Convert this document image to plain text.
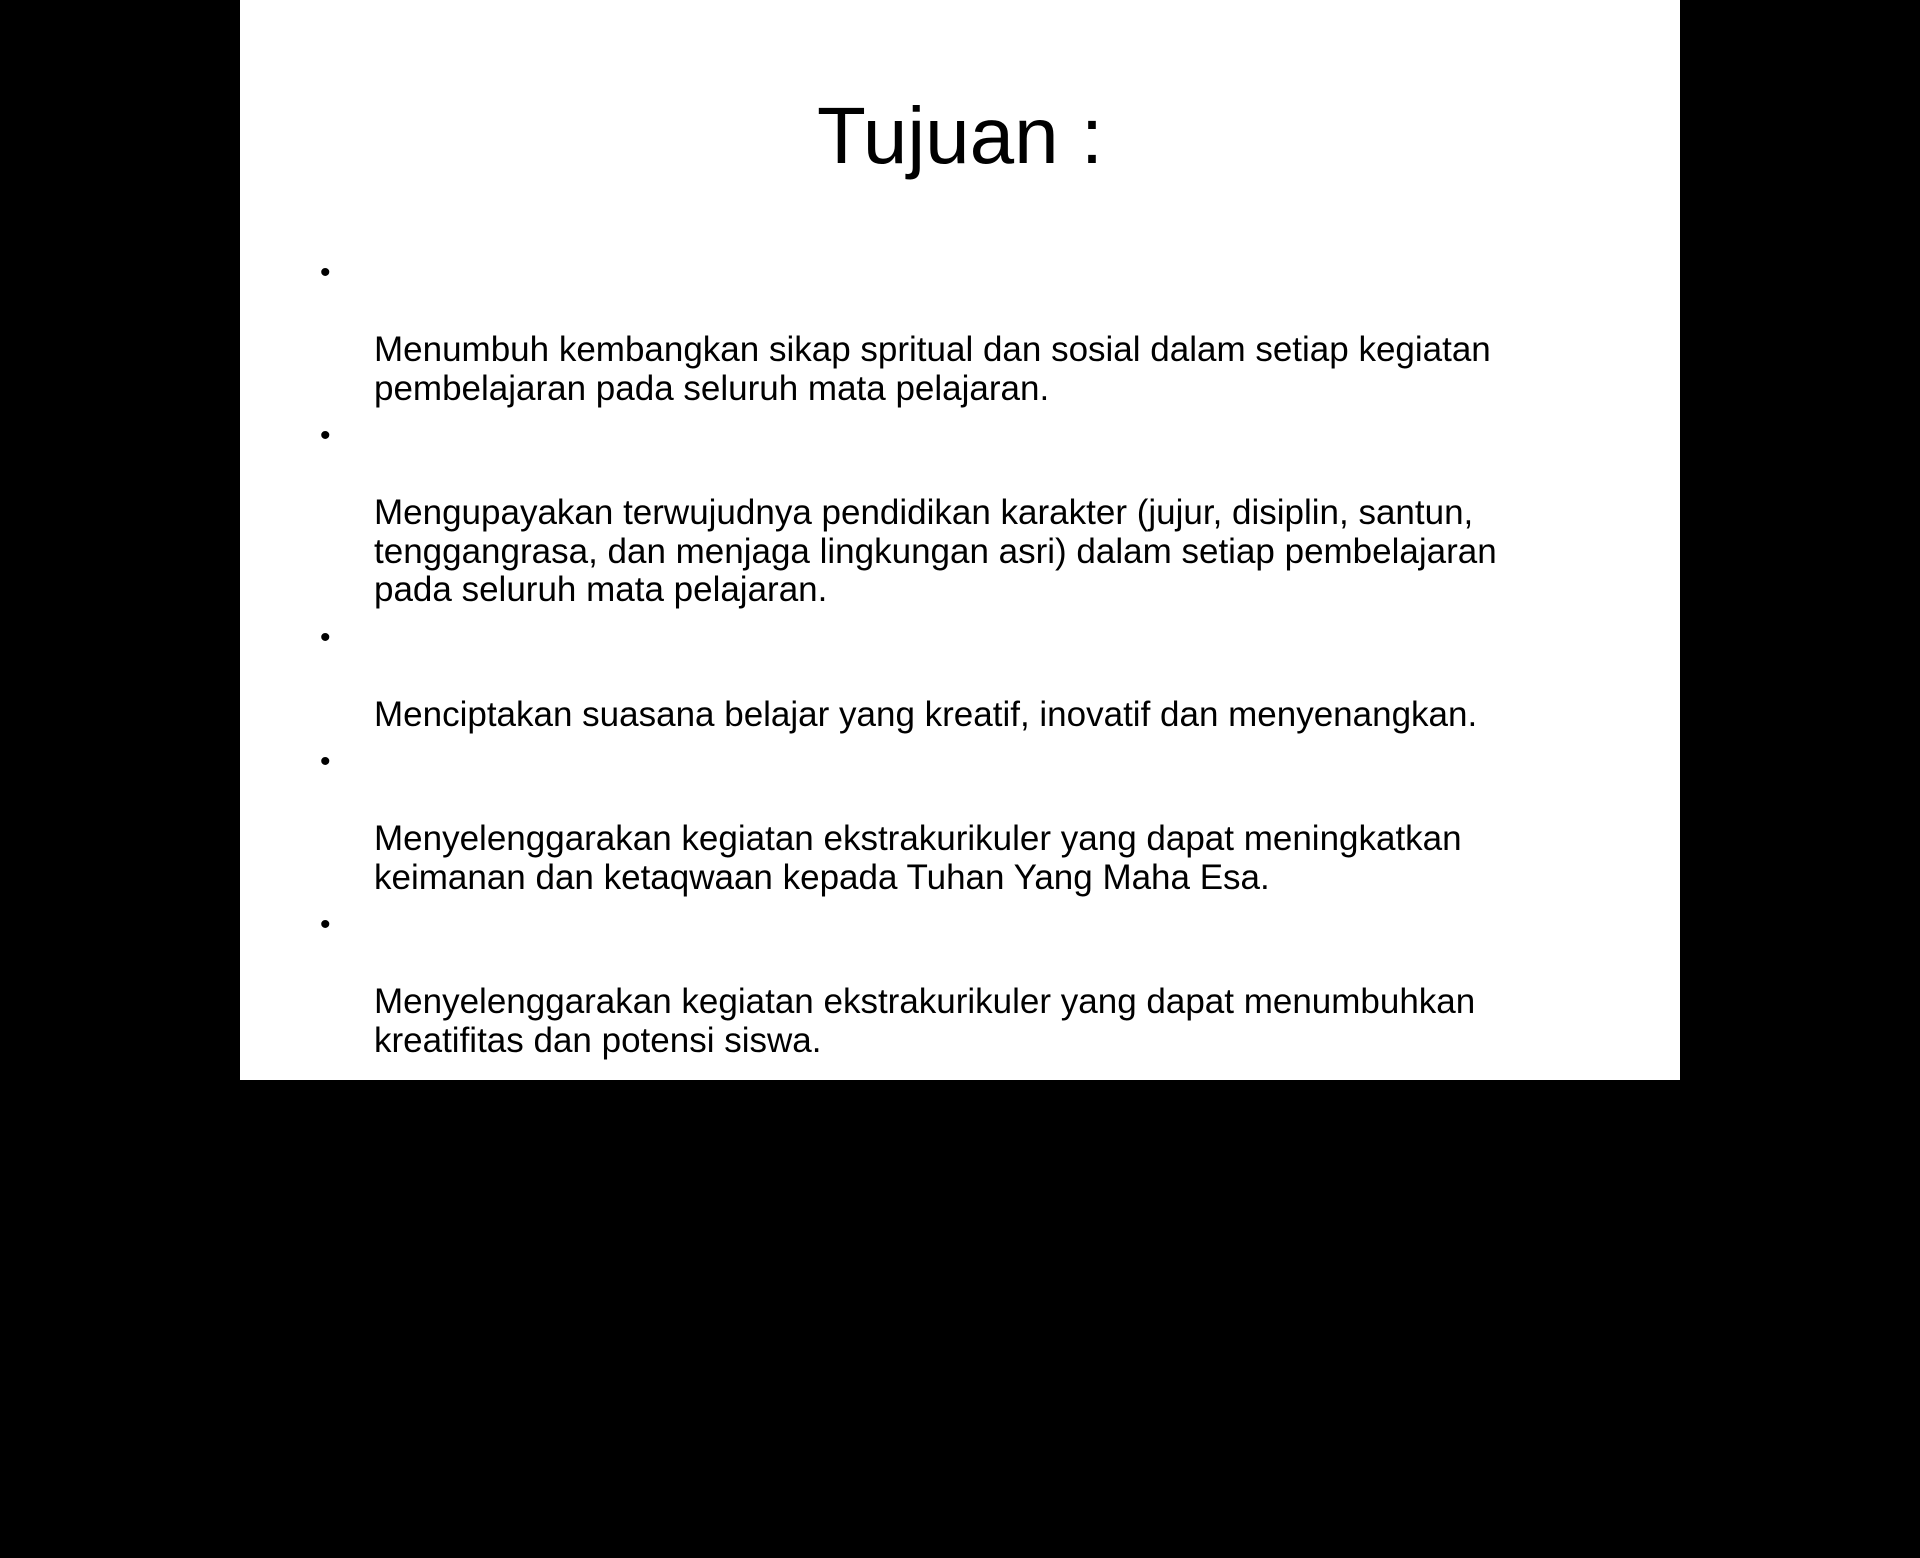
Tujuan :

•

Menumbuh kembangkan sikap spritual dan sosial dalam setiap kegiatan
pembelajaran pada seluruh mata pelajaran.

•

Mengupayakan terwujudnya pendidikan karakter (jujur, disiplin, santun,
tenggangrasa, dan menjaga lingkungan asri) dalam setiap pembelajaran
pada seluruh mata pelajaran.

•

Menciptakan suasana belajar yang kreatif, inovatif dan menyenangkan.

•

Menyelenggarakan kegiatan ekstrakurikuler yang dapat meningkatkan
keimanan dan ketaqwaan kepada Tuhan Yang Maha Esa.

•

Menyelenggarakan kegiatan ekstrakurikuler yang dapat menumbuhkan
kreatifitas dan potensi siswa.

•

Menciptakan suasana lingkungan sekolah yang bersih, asri, dan religius.

•

Meningkatkan sarana dan prasarana terbaik untuk kelancaran proses
pembelajaran.

•

Mendorong kemampuan warga sekolah untuk menghadapi perkembangan
ilmu pengetahuan, teknologi informasi dan komunikasi dalam pelayanan
pendidikan kepada masyarakat
